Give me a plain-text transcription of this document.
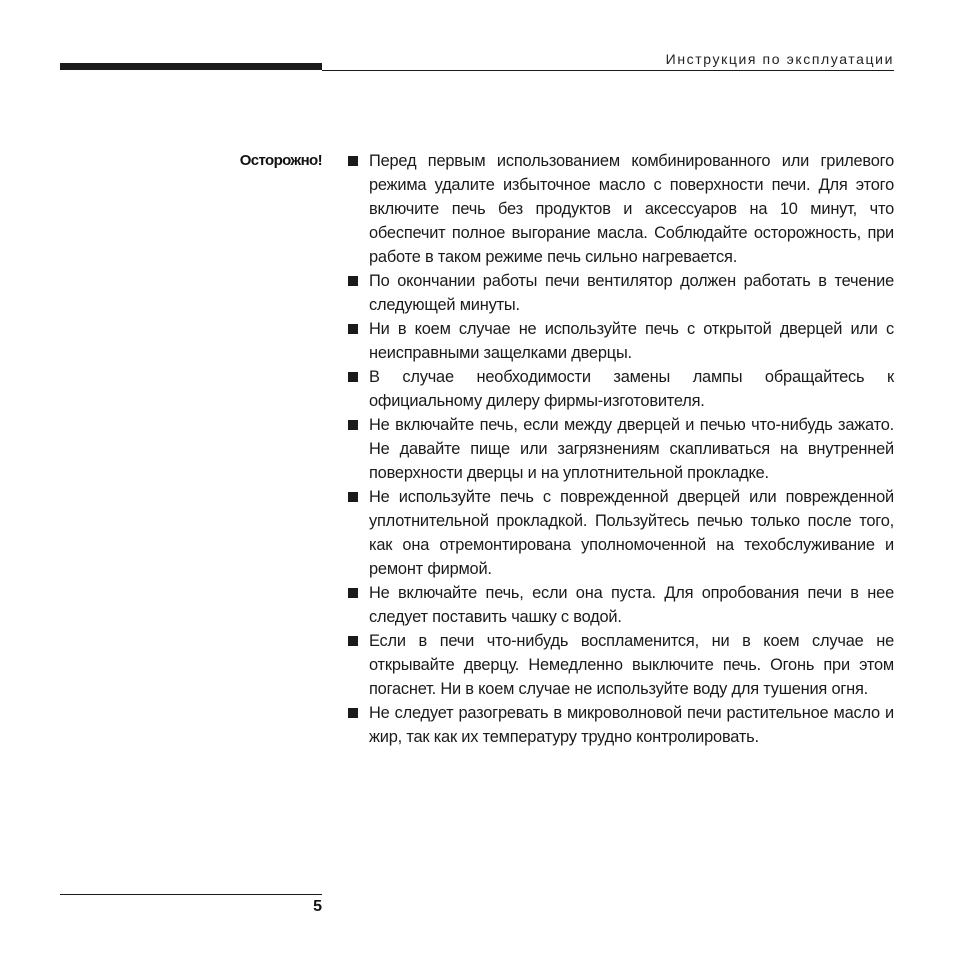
Инструкция по эксплуатации
Осторожно!	Перед первым использованием комбинированного или грилевого режима удалите избыточное масло с поверхности печи. Для этого включите печь без продуктов и аксессуаров на 10 минут, что обеспечит полное выгорание масла. Соблюдайте осторожность, при работе в таком режиме печь сильно нагревается.
По окончании работы печи вентилятор должен работать в течение следующей минуты.
Ни в коем случае не используйте печь с открытой дверцей или с неисправными защелками дверцы.
В случае необходимости замены лампы обращайтесь к официальному дилеру фирмы-изготовителя.
Не включайте печь, если между дверцей и печью что-нибудь зажато. Не давайте пище или загрязнениям скапливаться на внутренней поверхности дверцы и на уплотнительной прокладке.
Не используйте печь с поврежденной дверцей или поврежденной уплотнительной прокладкой. Пользуйтесь печью только после того, как она отремонтирована уполномоченной на техобслуживание и ремонт фирмой.
Не включайте печь, если она пуста. Для опробования печи в нее следует поставить чашку с водой.
Если в печи что-нибудь воспламенится, ни в коем случае не открывайте дверцу. Немедленно выключите печь. Огонь при этом погаснет. Ни в коем случае не используйте воду для тушения огня.
Не следует разогревать в микроволновой печи растительное масло и жир, так как их температуру трудно контролировать.
5
